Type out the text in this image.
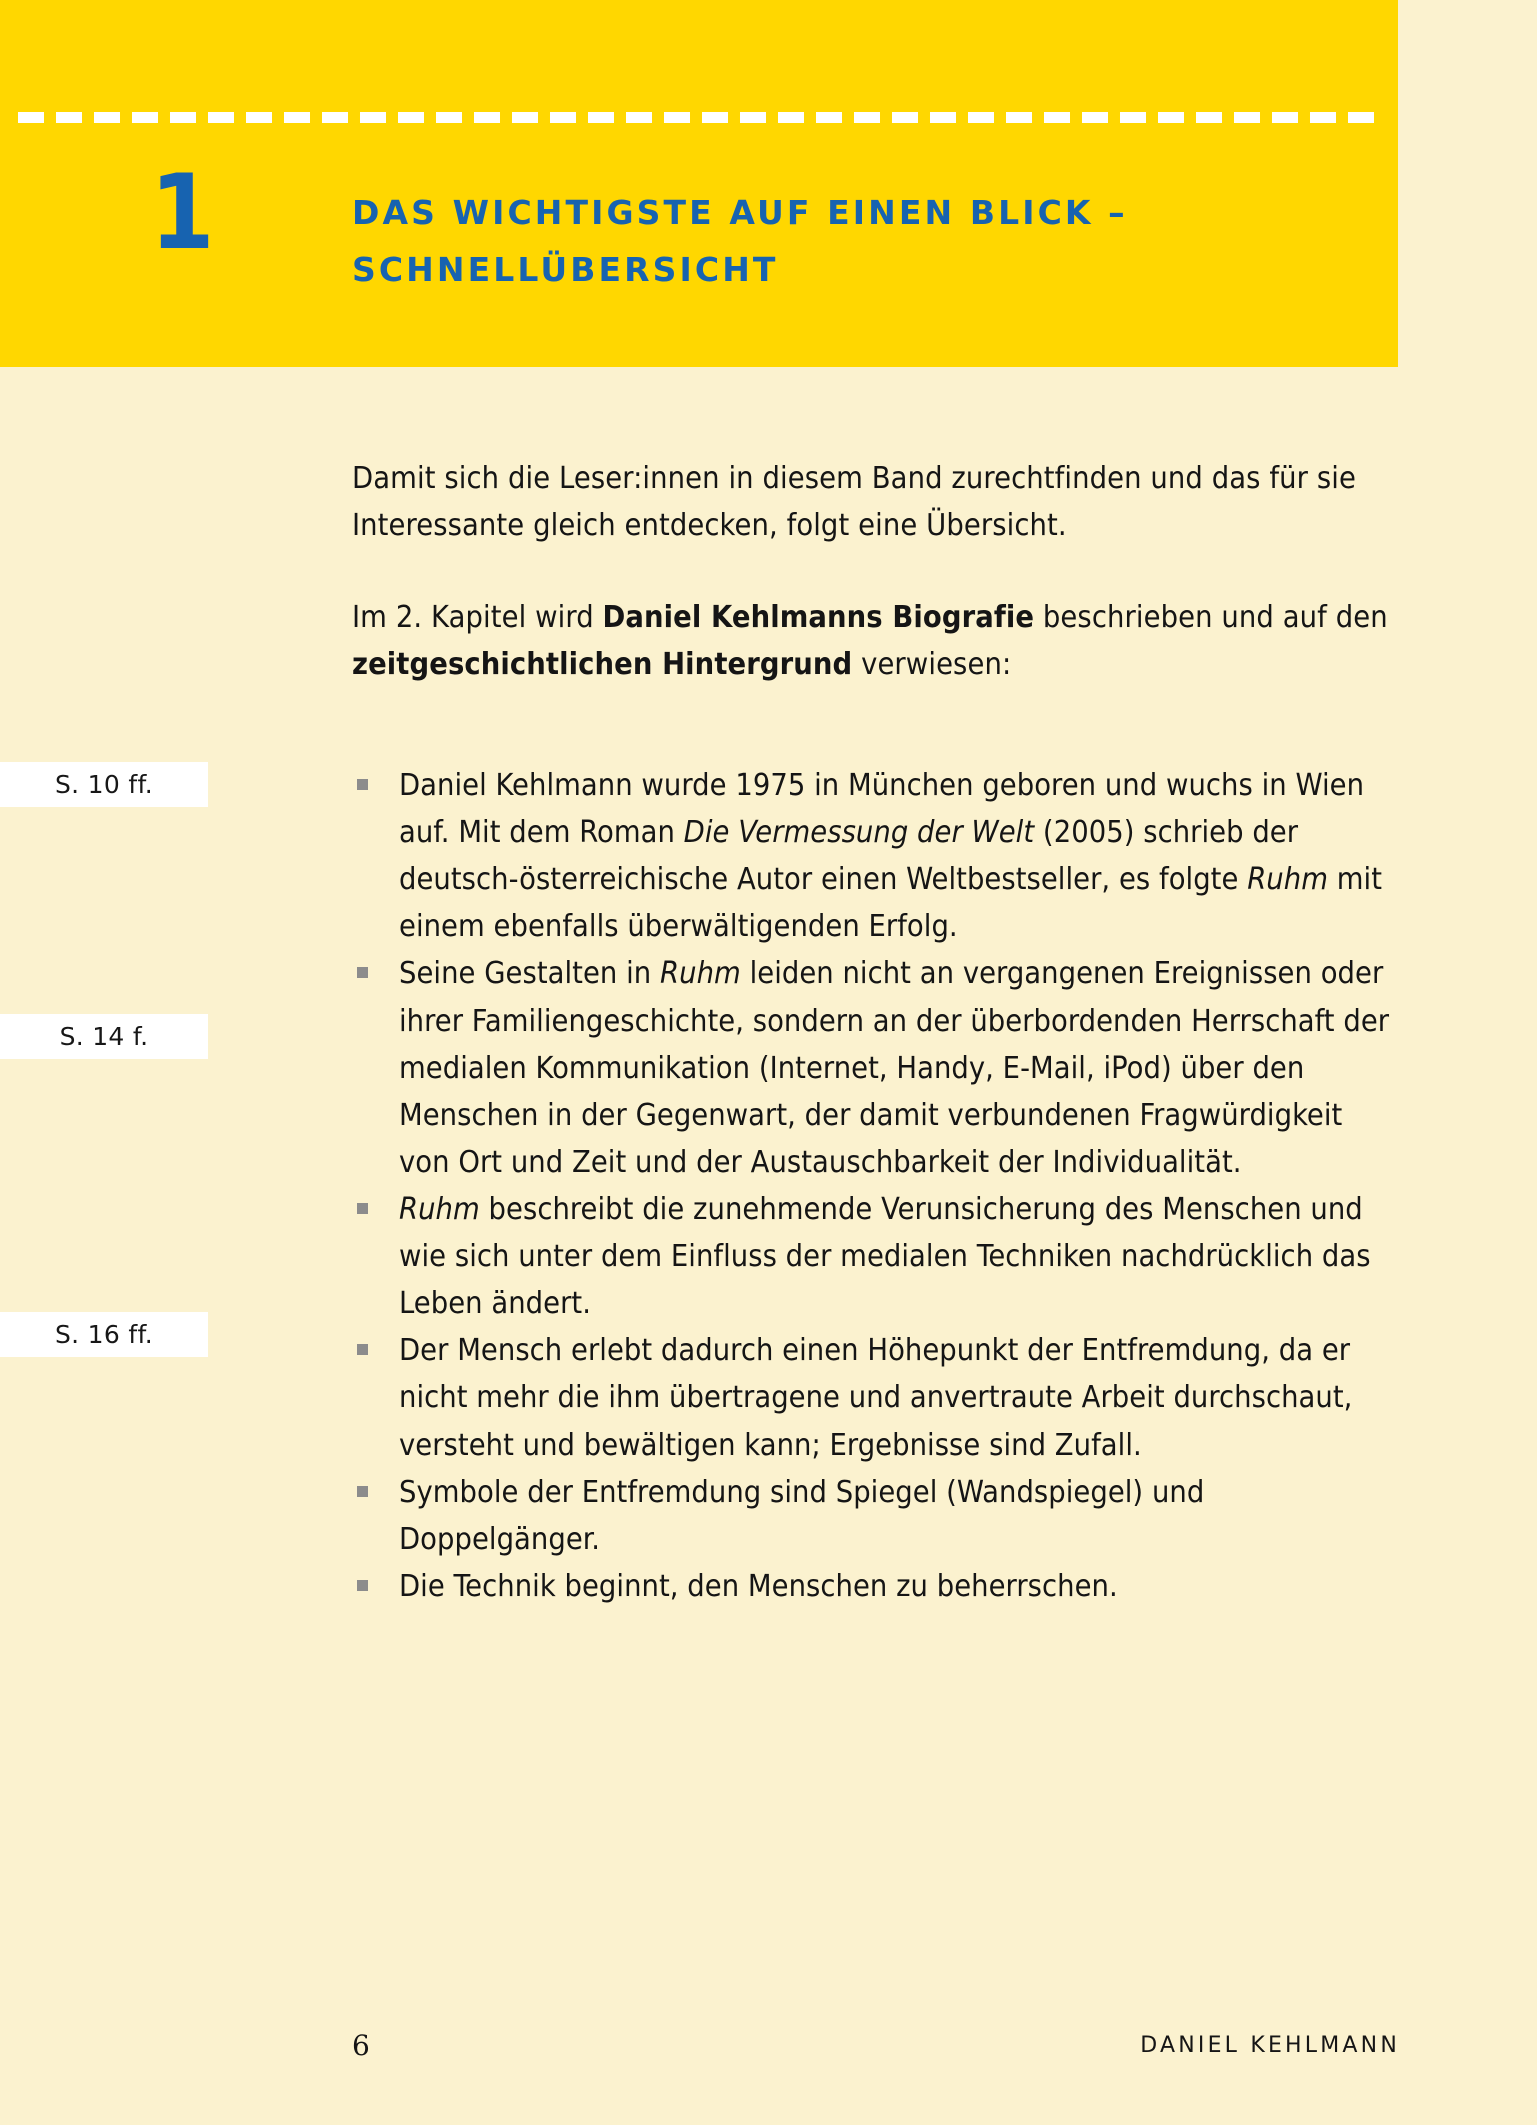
1	DAS WICHTIGSTE AUF EINEN BLICK –
SCHNELLÜBERSICHT

Damit sich die Leser:innen in diesem Band zurechtfinden und das für sie Interessante gleich entdecken, folgt eine Übersicht.

Im 2. Kapitel wird Daniel Kehlmanns Biografie beschrieben und auf den zeitgeschichtlichen Hintergrund verwiesen:

S. 10 ff.
S. 14 f.
S. 16 ff.
Daniel Kehlmann wurde 1975 in München geboren und wuchs in Wien auf. Mit dem Roman Die Vermessung der Welt (2005) schrieb der deutsch-österreichische Autor einen Weltbestseller, es folgte Ruhm mit einem ebenfalls überwältigenden Erfolg.
Seine Gestalten in Ruhm leiden nicht an vergangenen Ereignissen oder ihrer Familiengeschichte, sondern an der überbordenden Herrschaft der medialen Kommunikation (Internet, Handy, E-Mail, iPod) über den Menschen in der Gegenwart, der damit verbundenen Fragwürdigkeit von Ort und Zeit und der Austauschbarkeit der Individualität.
Ruhm beschreibt die zunehmende Verunsicherung des Menschen und wie sich unter dem Einfluss der medialen Techniken nachdrücklich das Leben ändert.
Der Mensch erlebt dadurch einen Höhepunkt der Entfremdung, da er nicht mehr die ihm übertragene und anvertraute Arbeit durchschaut, versteht und bewältigen kann; Ergebnisse sind Zufall.
Symbole der Entfremdung sind Spiegel (Wandspiegel) und Doppelgänger.
Die Technik beginnt, den Menschen zu beherrschen.
6	DANIEL KEHLMANN
